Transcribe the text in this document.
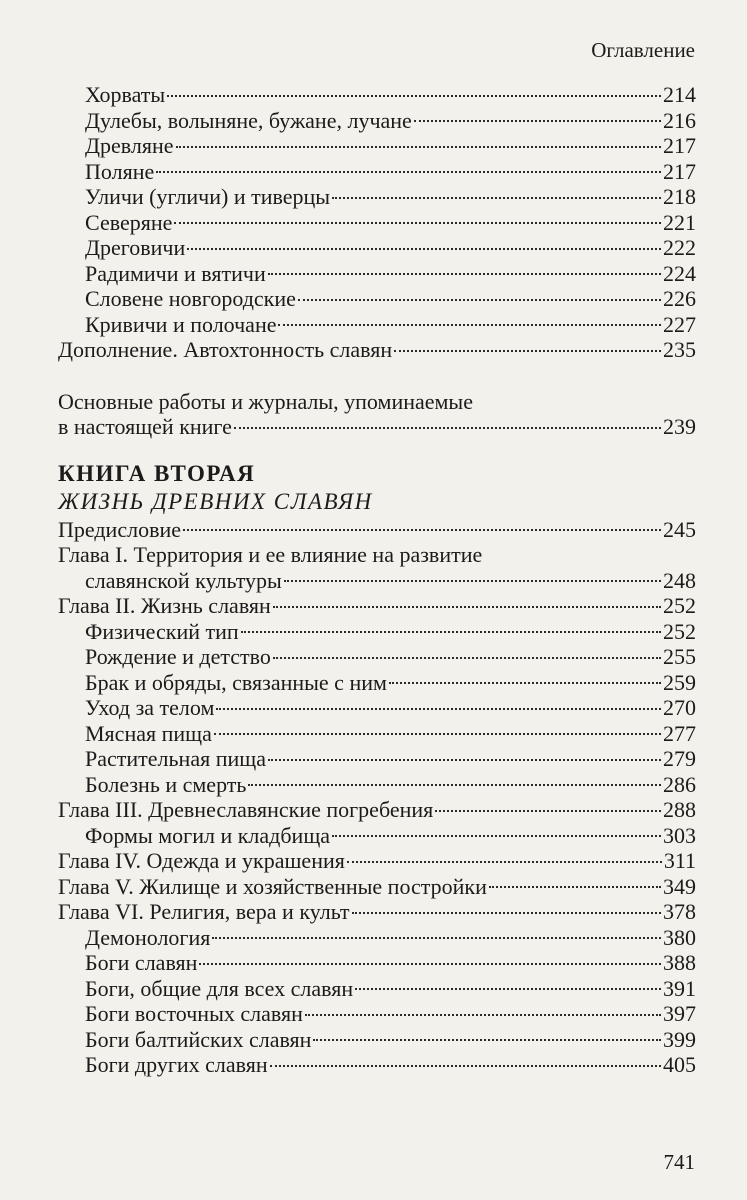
Оглавление
Хорваты	214
Дулебы, волыняне, бужане, лучане	216
Древляне	217
Поляне	217
Уличи (угличи) и тиверцы	218
Северяне	221
Дреговичи	222
Радимичи и вятичи	224
Словене новгородские	226
Кривичи и полочане	227
Дополнение. Автохтонность славян	235
Основные работы и журналы, упоминаемые
в настоящей книге	239
КНИГА ВТОРАЯ
ЖИЗНЬ ДРЕВНИХ СЛАВЯН
Предисловие	245
Глава I. Территория и ее влияние на развитие
славянской культуры	248
Глава II. Жизнь славян	252
Физический тип	252
Рождение и детство	255
Брак и обряды, связанные с ним	259
Уход за телом	270
Мясная пища	277
Растительная пища	279
Болезнь и смерть	286
Глава III. Древнеславянские погребения	288
Формы могил и кладбища	303
Глава IV. Одежда и украшения	311
Глава V. Жилище и хозяйственные постройки	349
Глава VI. Религия, вера и культ	378
Демонология	380
Боги славян	388
Боги, общие для всех славян	391
Боги восточных славян	397
Боги балтийских славян	399
Боги других славян	405
741
